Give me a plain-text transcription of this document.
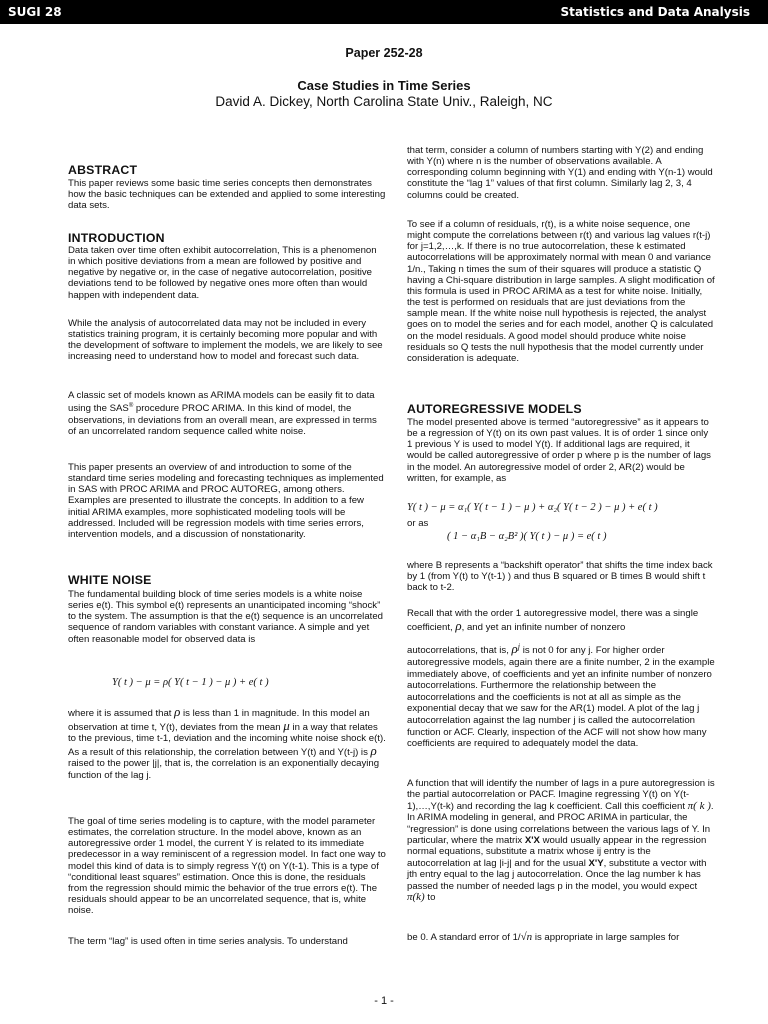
SUGI 28	Statistics and Data Analysis
Paper 252-28
Case Studies in Time Series
David A. Dickey, North Carolina State Univ., Raleigh, NC
ABSTRACT

This paper reviews some basic time series concepts then demonstrates how the basic techniques can be extended and applied to some interesting data sets.

INTRODUCTION

Data taken over time often exhibit autocorrelation, This is a phenomenon in which positive deviations from a mean are followed by positive and negative by negative or, in the case of negative autocorrelation, positive deviations tend to be followed by negative ones more often than would happen with independent data.

While the analysis of autocorrelated data may not be included in every statistics training program, it is certainly becoming more popular and with the development of software to implement the models, we are likely to see increasing need to understand how to model and forecast such data.

A classic set of models known as ARIMA models can be easily fit to data using the SAS® procedure PROC ARIMA. In this kind of model, the observations, in deviations from an overall mean, are expressed in terms of an uncorrelated random sequence called white noise.

This paper presents an overview of and introduction to some of the standard time series modeling and forecasting techniques as implemented in SAS with PROC ARIMA and PROC AUTOREG, among others. Examples are presented to illustrate the concepts. In addition to a few initial ARIMA examples, more sophisticated modeling tools will be addressed. Included will be regression models with time series errors, intervention models, and a discussion of nonstationarity.

WHITE NOISE

The fundamental building block of time series models is a white noise series e(t). This symbol e(t) represents an unanticipated incoming “shock” to the system. The assumption is that the e(t) sequence is an uncorrelated sequence of random variables with constant variance. A simple and yet often reasonable model for observed data is

Y( t ) − μ = ρ( Y( t − 1 ) − μ ) + e( t )

where it is assumed that ρ is less than 1 in magnitude. In this model an observation at time t, Y(t), deviates from the mean μ in a way that relates to the previous, time t-1, deviation and the incoming white noise shock e(t). As a result of this relationship, the correlation between Y(t) and Y(t-j) is ρ raised to the power |j|, that is, the correlation is an exponentially decaying function of the lag j.

The goal of time series modeling is to capture, with the model parameter estimates, the correlation structure. In the model above, known as an autoregressive order 1 model, the current Y is related to its immediate predecessor in a way reminiscent of a regression model. In fact one way to model this kind of data is to simply regress Y(t) on Y(t-1). This is a type of “conditional least squares” estimation. Once this is done, the residuals from the regression should mimic the behavior of the true errors e(t). The residuals should appear to be an uncorrelated sequence, that is, white noise.

The term “lag” is used often in time series analysis. To understand

that term, consider a column of numbers starting with Y(2) and ending with Y(n) where n is the number of observations available. A corresponding column beginning with Y(1) and ending with Y(n-1) would constitute the “lag 1” values of that first column. Similarly lag 2, 3, 4 columns could be created.

To see if a column of residuals, r(t), is a white noise sequence, one might compute the correlations between r(t) and various lag values r(t-j) for j=1,2,…,k. If there is no true autocorrelation, these k estimated autocorrelations will be approximately normal with mean 0 and variance 1/n., Taking n times the sum of their squares will produce a statistic Q having a Chi-square distribution in large samples. A slight modification of this formula is used in PROC ARIMA as a test for white noise. Initially, the test is performed on residuals that are just deviations from the sample mean. If the white noise null hypothesis is rejected, the analyst goes on to model the series and for each model, another Q is calculated on the model residuals. A good model should produce white noise residuals so Q tests the null hypothesis that the model currently under consideration is adequate.

AUTOREGRESSIVE MODELS

The model presented above is termed “autoregressive” as it appears to be a regression of Y(t) on its own past values. It is of order 1 since only 1 previous Y is used to model Y(t). If additional lags are required, it would be called autoregressive of order p where p is the number of lags in the model. An autoregressive model of order 2, AR(2) would be written, for example, as

Y( t ) − μ = α₁( Y( t − 1 ) − μ ) + α₂( Y( t − 2 ) − μ ) + e( t )
or as
( 1 − α₁B − α₂B² )( Y( t ) − μ ) = e( t )

where B represents a “backshift operator” that shifts the time index back by 1 (from Y(t) to Y(t-1) ) and thus B squared or B times B would shift t back to t-2.

Recall that with the order 1 autoregressive model, there was a single coefficient, ρ, and yet an infinite number of nonzero
autocorrelations, that is, $\rho^j$ is not 0 for any j. For higher order autoregressive models, again there are a finite number, 2 in the example immediately above, of coefficients and yet an infinite number of nonzero autocorrelations. Furthermore the relationship between the autocorrelations and the coefficients is not at all as simple as the exponential decay that we saw for the AR(1) model. A plot of the lag j autocorrelation against the lag number j is called the autocorrelation function or ACF. Clearly, inspection of the ACF will not show how many coefficients are required to adequately model the data.

A function that will identify the number of lags in a pure autoregression is the partial autocorrelation or PACF. Imagine regressing Y(t) on Y(t-1),…,Y(t-k) and recording the lag k coefficient. Call this coefficient π( k ). In ARIMA modeling in general, and PROC ARIMA in particular, the “regression” is done using correlations between the various lags of Y. In particular, where the matrix X'X would usually appear in the regression normal equations, substitute a matrix whose ij entry is the autocorrelation at lag |i-j| and for the usual X'Y, substitute a vector with jth entry equal to the lag j autocorrelation. Once the lag number k has passed the number of needed lags p in the model, you would expect π(k) to

be 0. A standard error of 1/√n is appropriate in large samples for

- 1 -
